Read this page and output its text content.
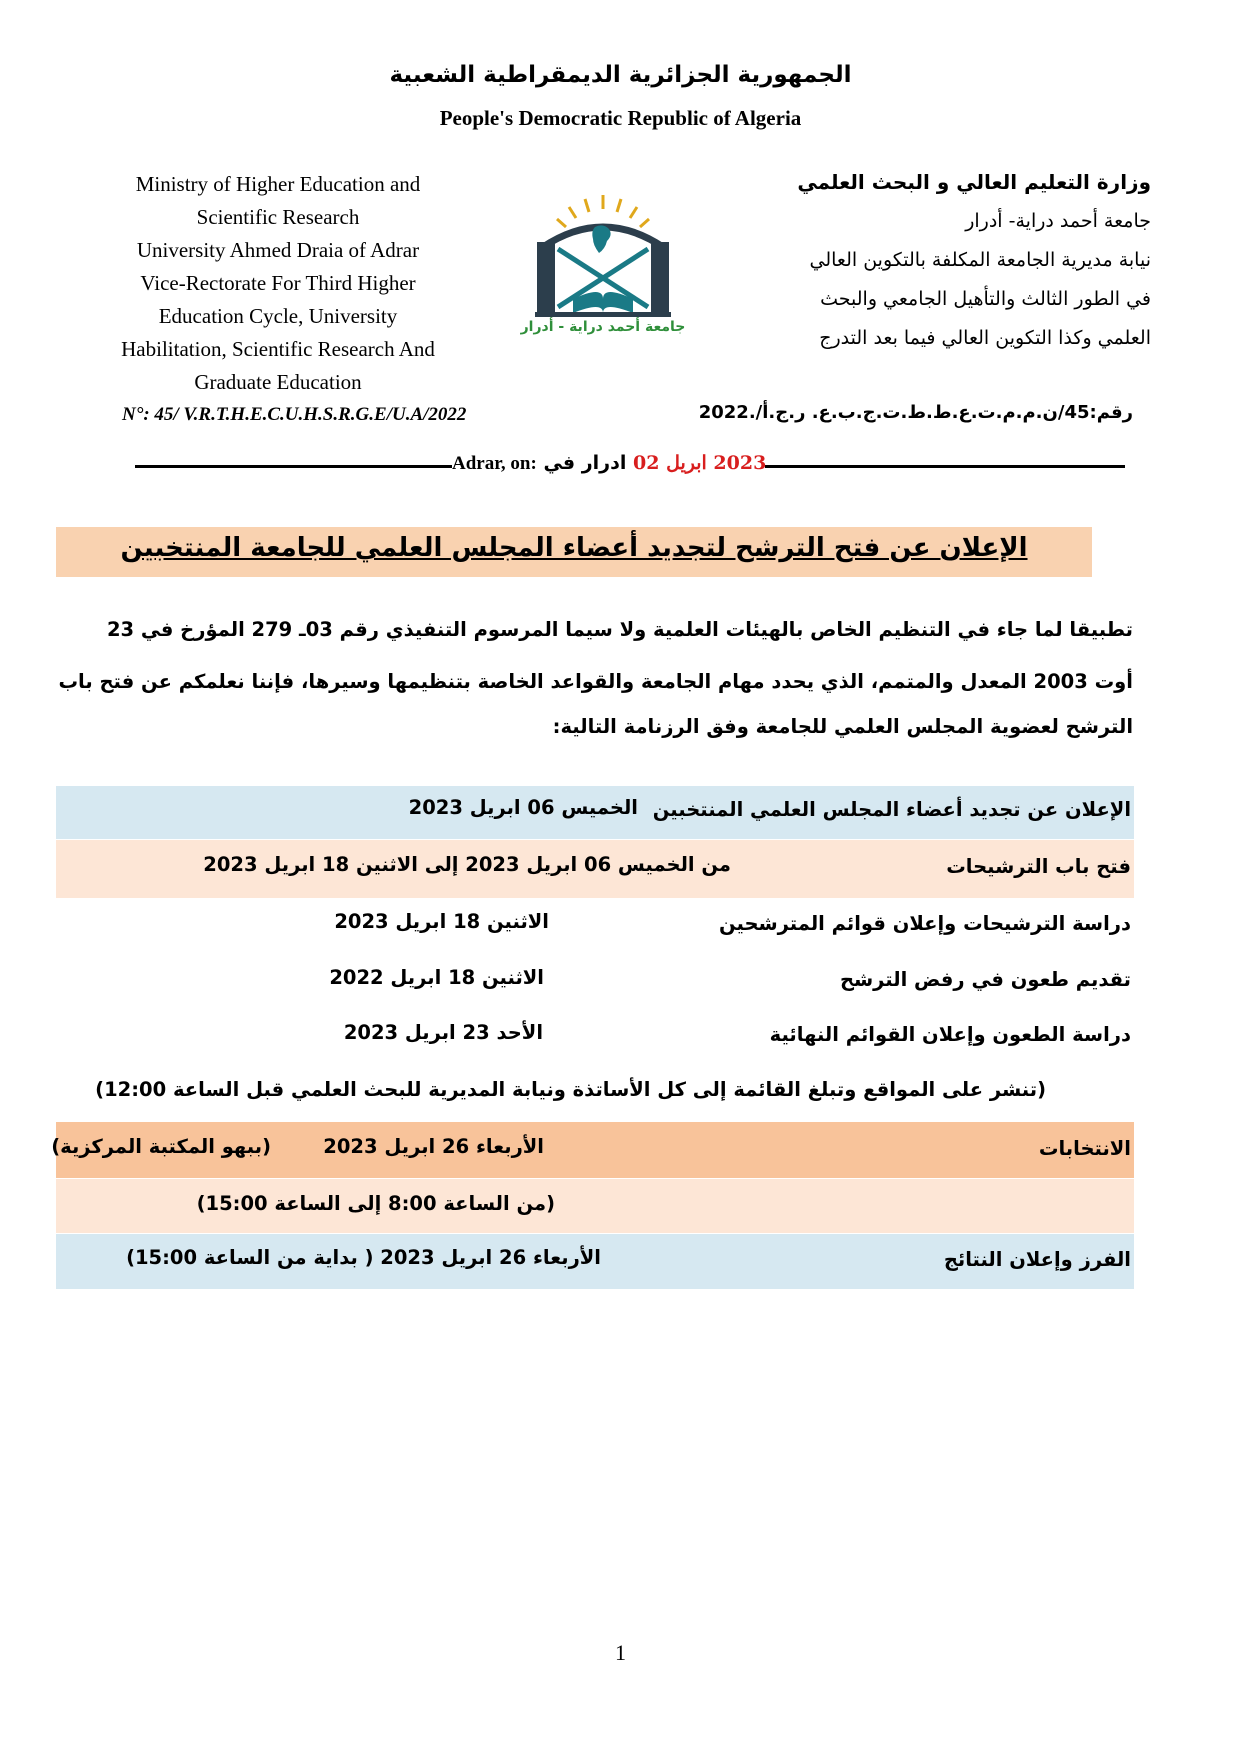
الجمهورية الجزائرية الديمقراطية الشعبية
People's Democratic Republic of Algeria
Ministry of Higher Education and
Scientific Research
University Ahmed Draia of Adrar
Vice-Rectorate For Third Higher
Education Cycle, University
Habilitation, Scientific Research And
Graduate Education
وزارة التعليم العالي و البحث العلمي
جامعة أحمد دراية- أدرار
نيابة مديرية الجامعة المكلفة بالتكوين العالي
في الطور الثالث والتأهيل الجامعي والبحث
العلمي وكذا التكوين العالي فيما بعد التدرج
جامعة أحمد دراية - أدرار
N°: 45/ V.R.T.H.E.C.U.H.S.R.G.E/U.A/2022	رقم:45/ن.م.م.ت.ع.ط.ط.ت.ج.ب.ع. ر.ج.أ/.2022
Adrar, on:	2023 ابريل 02 ادرار في
الإعلان عن فتح الترشح لتجديد أعضاء المجلس العلمي للجامعة المنتخبين
تطبيقا لما جاء في التنظيم الخاص بالهيئات العلمية ولا سيما المرسوم التنفيذي رقم 03ـ 279 المؤرخ في 23
أوت 2003 المعدل والمتمم، الذي يحدد مهام الجامعة والقواعد الخاصة بتنظيمها وسيرها، فإننا نعلمكم عن فتح باب
الترشح لعضوية المجلس العلمي للجامعة وفق الرزنامة التالية:
الإعلان عن تجديد أعضاء المجلس العلمي المنتخبين
الخميس 06 ابريل 2023
فتح باب الترشيحات
من الخميس 06 ابريل 2023 إلى الاثنين 18 ابريل 2023
دراسة الترشيحات وإعلان قوائم المترشحين
الاثنين 18 ابريل 2023
تقديم طعون في رفض الترشح
الاثنين 18 ابريل 2022
دراسة الطعون وإعلان القوائم النهائية
الأحد 23 ابريل 2023
(تنشر على المواقع وتبلغ القائمة إلى كل الأساتذة ونيابة المديرية للبحث العلمي قبل الساعة 12:00)
الانتخابات
الأربعاء 26 ابريل 2023
(ببهو المكتبة المركزية)
(من الساعة 8:00 إلى الساعة 15:00)
الفرز وإعلان النتائج
الأربعاء 26 ابريل 2023 ( بداية من الساعة 15:00)
1
